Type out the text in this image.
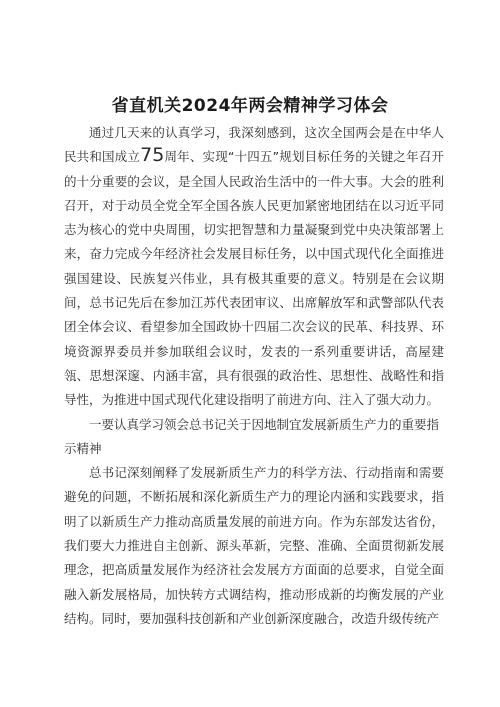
省直机关2024年两会精神学习体会

通过几天来的认真学习，我深刻感到，这次全国两会是在中华人民共和国成立75周年、实现“十四五”规划目标任务的关键之年召开的十分重要的会议，是全国人民政治生活中的一件大事。大会的胜利召开，对于动员全党全军全国各族人民更加紧密地团结在以习近平同志为核心的党中央周围，切实把智慧和力量凝聚到党中央决策部署上来，奋力完成今年经济社会发展目标任务，以中国式现代化全面推进强国建设、民族复兴伟业，具有极其重要的意义。特别是在会议期间，总书记先后在参加江苏代表团审议、出席解放军和武警部队代表团全体会议、看望参加全国政协十四届二次会议的民革、科技界、环境资源界委员并参加联组会议时，发表的一系列重要讲话，高屋建瓴、思想深邃、内涵丰富，具有很强的政治性、思想性、战略性和指导性，为推进中国式现代化建设指明了前进方向、注入了强大动力。

一要认真学习领会总书记关于因地制宜发展新质生产力的重要指示精神

总书记深刻阐释了发展新质生产力的科学方法、行动指南和需要避免的问题，不断拓展和深化新质生产力的理论内涵和实践要求，指明了以新质生产力推动高质量发展的前进方向。作为东部发达省份，我们要大力推进自主创新、源头革新，完整、准确、全面贯彻新发展理念，把高质量发展作为经济社会发展方方面面的总要求，自觉全面融入新发展格局，加快转方式调结构，推动形成新的均衡发展的产业结构。同时，要加强科技创新和产业创新深度融合，改造升级传统产
